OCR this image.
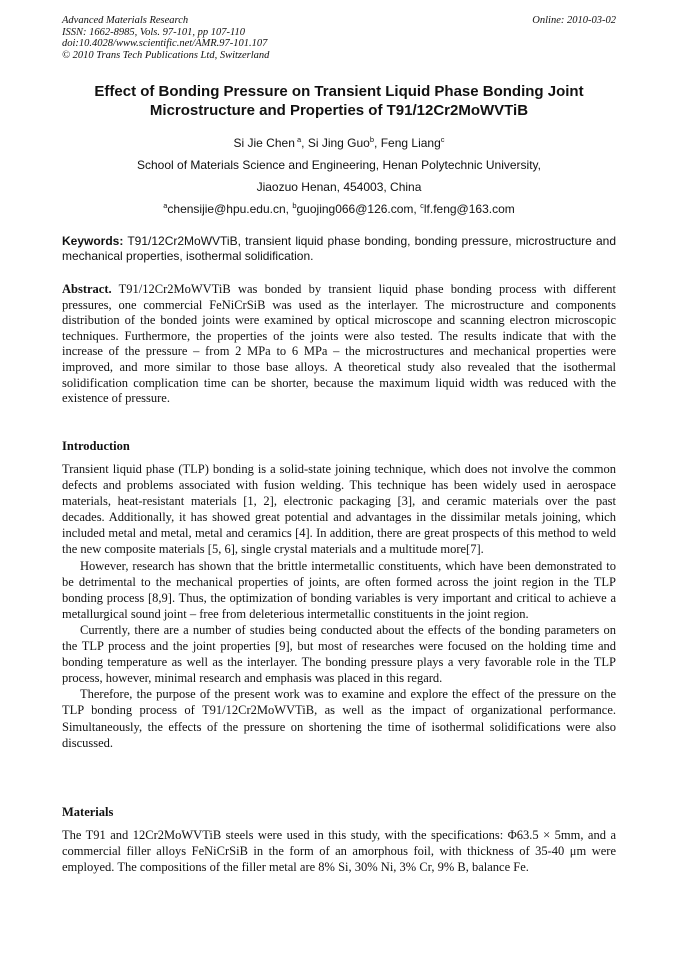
Advanced Materials Research
ISSN: 1662-8985, Vols. 97-101, pp 107-110
doi:10.4028/www.scientific.net/AMR.97-101.107
© 2010 Trans Tech Publications Ltd, Switzerland
Online: 2010-03-02
Effect of Bonding Pressure on Transient Liquid Phase Bonding Joint
Microstructure and Properties of T91/12Cr2MoWVTiB
Si Jie Chen $^a$, Si Jing Guo$^b$, Feng Liang$^c$
School of Materials Science and Engineering, Henan Polytechnic University,
Jiaozuo Henan, 454003, China
$^a$chensijie@hpu.edu.cn, $^b$guojing066@126.com, $^c$lf.feng@163.com
Keywords: T91/12Cr2MoWVTiB, transient liquid phase bonding, bonding pressure, microstructure and mechanical properties, isothermal solidification.
Abstract. T91/12Cr2MoWVTiB was bonded by transient liquid phase bonding process with different pressures, one commercial FeNiCrSiB was used as the interlayer. The microstructure and components distribution of the bonded joints were examined by optical microscope and scanning electron microscopic techniques. Furthermore, the properties of the joints were also tested. The results indicate that with the increase of the pressure – from 2 MPa to 6 MPa – the microstructures and mechanical properties were improved, and more similar to those base alloys. A theoretical study also revealed that the isothermal solidification complication time can be shorter, because the maximum liquid width was reduced with the existence of pressure.
Introduction

Transient liquid phase (TLP) bonding is a solid-state joining technique, which does not involve the common defects and problems associated with fusion welding. This technique has been widely used in aerospace materials, heat-resistant materials [1, 2], electronic packaging [3], and ceramic materials over the past decades. Additionally, it has showed great potential and advantages in the dissimilar metals joining, which included metal and metal, metal and ceramics [4]. In addition, there are great prospects of this method to weld the new composite materials [5, 6], single crystal materials and a multitude more[7].

However, research has shown that the brittle intermetallic constituents, which have been demonstrated to be detrimental to the mechanical properties of joints, are often formed across the joint region in the TLP bonding process [8,9]. Thus, the optimization of bonding variables is very important and critical to achieve a metallurgical sound joint – free from deleterious intermetallic constituents in the joint region.

Currently, there are a number of studies being conducted about the effects of the bonding parameters on the TLP process and the joint properties [9], but most of researches were focused on the holding time and bonding temperature as well as the interlayer. The bonding pressure plays a very favorable role in the TLP process, however, minimal research and emphasis was placed in this regard.

Therefore, the purpose of the present work was to examine and explore the effect of the pressure on the TLP bonding process of T91/12Cr2MoWVTiB, as well as the impact of organizational performance. Simultaneously, the effects of the pressure on shortening the time of isothermal solidifications were also discussed.

Materials

The T91 and 12Cr2MoWVTiB steels were used in this study, with the specifications: Φ63.5 × 5mm, and a commercial filler alloys FeNiCrSiB in the form of an amorphous foil, with thickness of 35-40 μm were employed. The compositions of the filler metal are 8% Si, 30% Ni, 3% Cr, 9% B, balance Fe.
